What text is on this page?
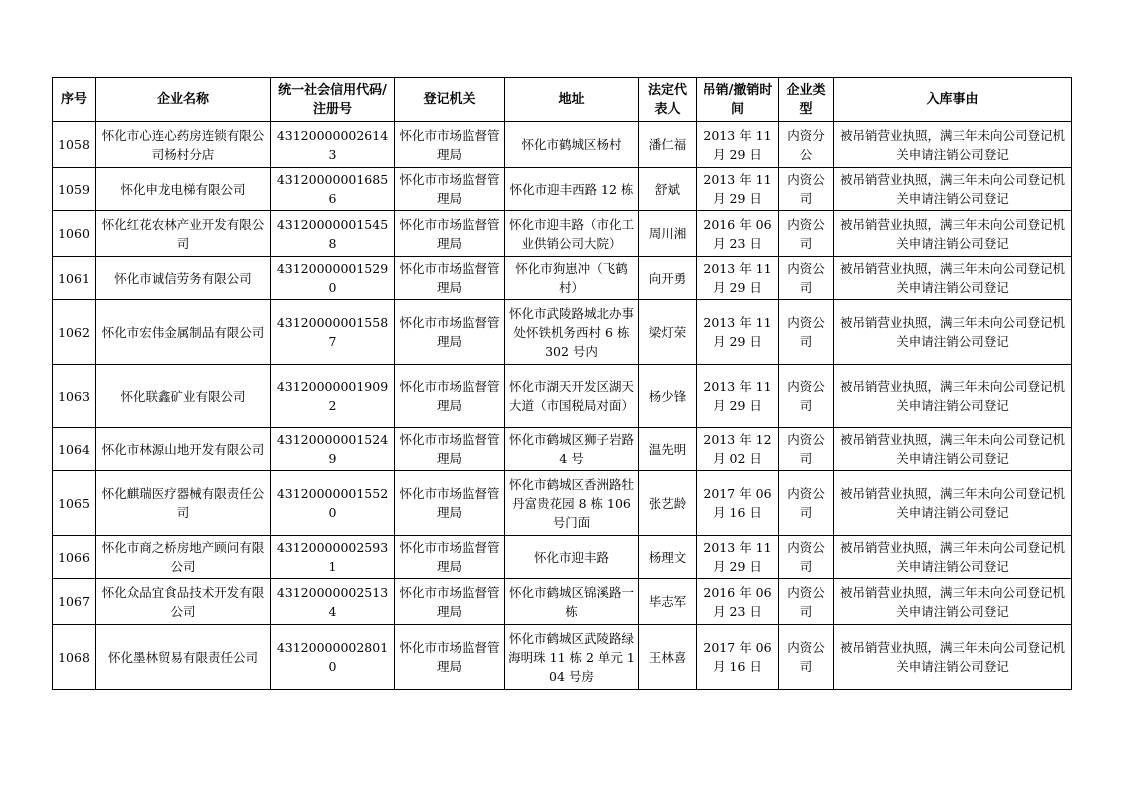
序号	企业名称	统一社会信用代码/注册号	登记机关	地址	法定代表人	吊销/撤销时间	企业类型	入库事由
1058	怀化市心连心药房连锁有限公司杨村分店	431200000026143	怀化市市场监督管理局	怀化市鹤城区杨村	潘仁福	2013 年 11 月 29 日	内资分公	被吊销营业执照，满三年未向公司登记机关申请注销公司登记
1059	怀化申龙电梯有限公司	431200000016856	怀化市市场监督管理局	怀化市迎丰西路 12 栋	舒斌	2013 年 11 月 29 日	内资公司	被吊销营业执照，满三年未向公司登记机关申请注销公司登记
1060	怀化红花农林产业开发有限公司	431200000015458	怀化市市场监督管理局	怀化市迎丰路（市化工业供销公司大院）	周川湘	2016 年 06 月 23 日	内资公司	被吊销营业执照，满三年未向公司登记机关申请注销公司登记
1061	怀化市诚信劳务有限公司	431200000015290	怀化市市场监督管理局	怀化市狗崽冲（飞鹤村）	向开勇	2013 年 11 月 29 日	内资公司	被吊销营业执照，满三年未向公司登记机关申请注销公司登记
1062	怀化市宏伟金属制品有限公司	431200000015587	怀化市市场监督管理局	怀化市武陵路城北办事处怀铁机务西村 6 栋 302 号内	梁灯荣	2013 年 11 月 29 日	内资公司	被吊销营业执照，满三年未向公司登记机关申请注销公司登记
1063	怀化联鑫矿业有限公司	431200000019092	怀化市市场监督管理局	怀化市湖天开发区湖天大道（市国税局对面）	杨少锋	2013 年 11 月 29 日	内资公司	被吊销营业执照，满三年未向公司登记机关申请注销公司登记
1064	怀化市林源山地开发有限公司	431200000015249	怀化市市场监督管理局	怀化市鹤城区狮子岩路 4 号	温先明	2013 年 12 月 02 日	内资公司	被吊销营业执照，满三年未向公司登记机关申请注销公司登记
1065	怀化麒瑞医疗器械有限责任公司	431200000015520	怀化市市场监督管理局	怀化市鹤城区香洲路牡丹富贵花园 8 栋 106 号门面	张艺龄	2017 年 06 月 16 日	内资公司	被吊销营业执照，满三年未向公司登记机关申请注销公司登记
1066	怀化市商之桥房地产顾问有限公司	431200000025931	怀化市市场监督管理局	怀化市迎丰路	杨理文	2013 年 11 月 29 日	内资公司	被吊销营业执照，满三年未向公司登记机关申请注销公司登记
1067	怀化众品宜食品技术开发有限公司	431200000025134	怀化市市场监督管理局	怀化市鹤城区锦溪路一栋	毕志军	2016 年 06 月 23 日	内资公司	被吊销营业执照，满三年未向公司登记机关申请注销公司登记
1068	怀化墨林贸易有限责任公司	431200000028010	怀化市市场监督管理局	怀化市鹤城区武陵路绿海明珠 11 栋 2 单元 104 号房	王林喜	2017 年 06 月 16 日	内资公司	被吊销营业执照，满三年未向公司登记机关申请注销公司登记
